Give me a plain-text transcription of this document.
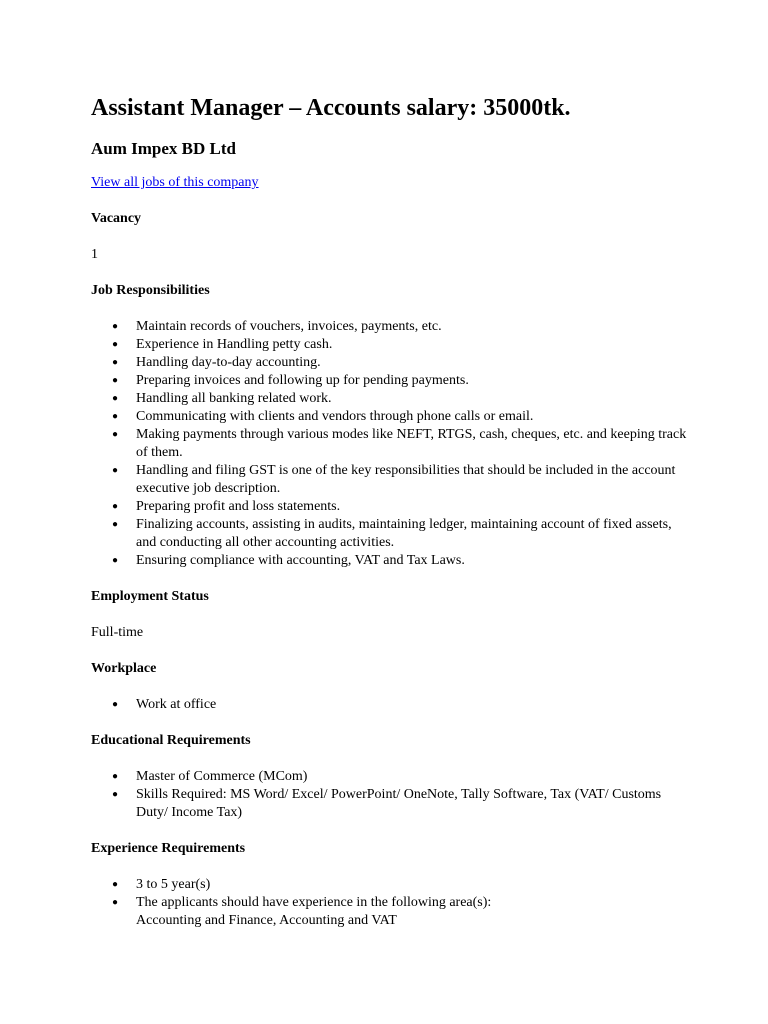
Assistant Manager – Accounts salary: 35000tk.
Aum Impex BD Ltd
View all jobs of this company
Vacancy

1

Job Responsibilities
● Maintain records of vouchers, invoices, payments, etc.
● Experience in Handling petty cash.
● Handling day-to-day accounting.
● Preparing invoices and following up for pending payments.
● Handling all banking related work.
● Communicating with clients and vendors through phone calls or email.
● Making payments through various modes like NEFT, RTGS, cash, cheques, etc. and keeping track of them.
● Handling and filing GST is one of the key responsibilities that should be included in the account executive job description.
● Preparing profit and loss statements.
● Finalizing accounts, assisting in audits, maintaining ledger, maintaining account of fixed assets, and conducting all other accounting activities.
● Ensuring compliance with accounting, VAT and Tax Laws.
Employment Status

Full-time

Workplace
● Work at office
Educational Requirements
● Master of Commerce (MCom)
● Skills Required: MS Word/ Excel/ PowerPoint/ OneNote, Tally Software, Tax (VAT/ Customs Duty/ Income Tax)
Experience Requirements
● 3 to 5 year(s)
● The applicants should have experience in the following area(s):
Accounting and Finance, Accounting and VAT
